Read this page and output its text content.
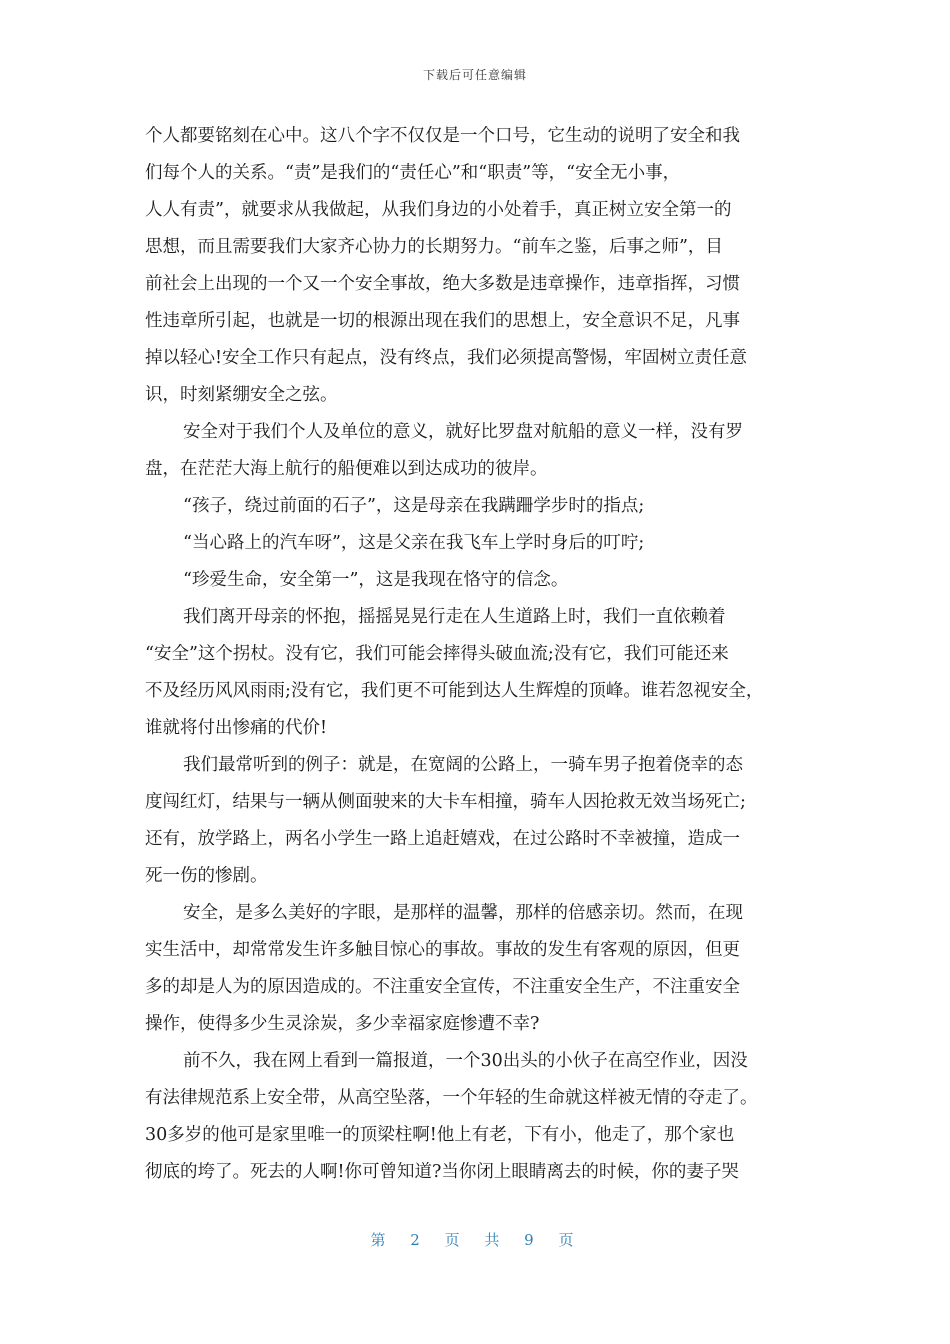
下载后可任意编辑
个人都要铭刻在心中。这八个字不仅仅是一个口号，它生动的说明了安全和我
们每个人的关系。“责”是我们的“责任心”和“职责”等，“安全无小事，
人人有责”，就要求从我做起，从我们身边的小处着手，真正树立安全第一的
思想，而且需要我们大家齐心协力的长期努力。“前车之鉴，后事之师”，目
前社会上出现的一个又一个安全事故，绝大多数是违章操作，违章指挥，习惯
性违章所引起，也就是一切的根源出现在我们的思想上，安全意识不足，凡事
掉以轻心!安全工作只有起点，没有终点，我们必须提高警惕，牢固树立责任意
识，时刻紧绷安全之弦。
安全对于我们个人及单位的意义，就好比罗盘对航船的意义一样，没有罗
盘，在茫茫大海上航行的船便难以到达成功的彼岸。
“孩子，绕过前面的石子”，这是母亲在我蹒跚学步时的指点;
“当心路上的汽车呀”，这是父亲在我飞车上学时身后的叮咛;
“珍爱生命，安全第一”，这是我现在恪守的信念。
我们离开母亲的怀抱，摇摇晃晃行走在人生道路上时，我们一直依赖着
“安全”这个拐杖。没有它，我们可能会摔得头破血流;没有它，我们可能还来
不及经历风风雨雨;没有它，我们更不可能到达人生辉煌的顶峰。谁若忽视安全，
谁就将付出惨痛的代价!
我们最常听到的例子：就是，在宽阔的公路上，一骑车男子抱着侥幸的态
度闯红灯，结果与一辆从侧面驶来的大卡车相撞，骑车人因抢救无效当场死亡;
还有，放学路上，两名小学生一路上追赶嬉戏，在过公路时不幸被撞，造成一
死一伤的惨剧。
安全，是多么美好的字眼，是那样的温馨，那样的倍感亲切。然而，在现
实生活中，却常常发生许多触目惊心的事故。事故的发生有客观的原因，但更
多的却是人为的原因造成的。不注重安全宣传，不注重安全生产，不注重安全
操作，使得多少生灵涂炭，多少幸福家庭惨遭不幸?
前不久，我在网上看到一篇报道，一个30出头的小伙子在高空作业，因没
有法律规范系上安全带，从高空坠落，一个年轻的生命就这样被无情的夺走了。
30多岁的他可是家里唯一的顶梁柱啊!他上有老，下有小，他走了，那个家也
彻底的垮了。死去的人啊!你可曾知道?当你闭上眼睛离去的时候，你的妻子哭
第 2 页 共 9 页
